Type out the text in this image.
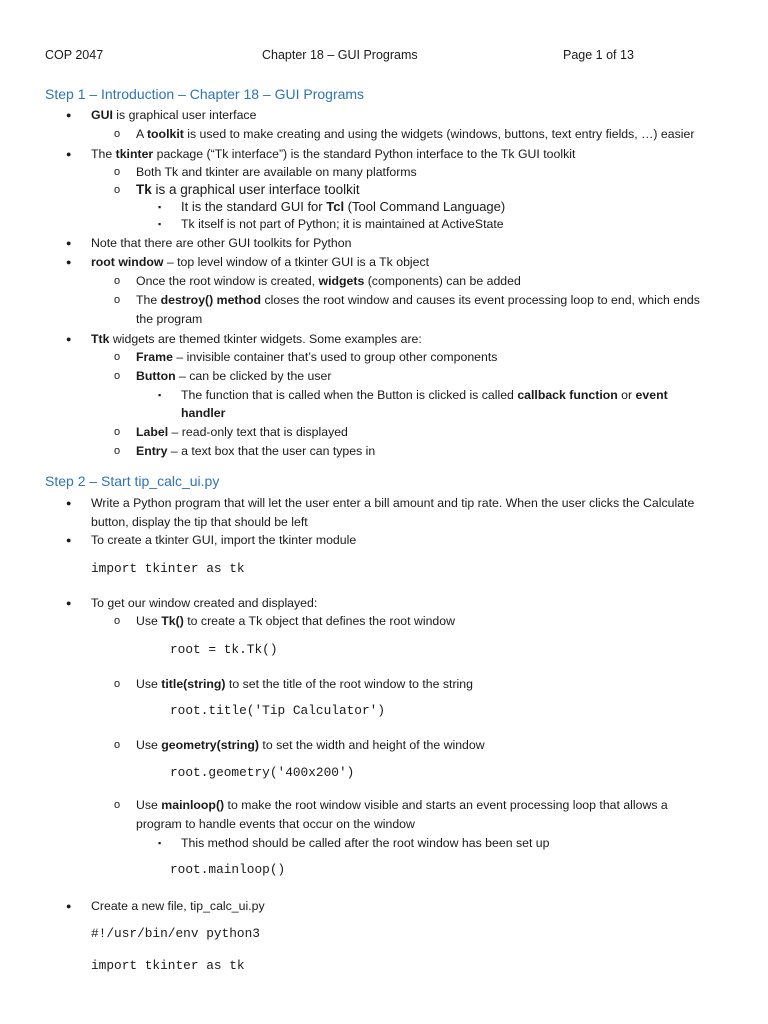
COP 2047	Chapter 18 – GUI Programs	Page 1 of 13
Step 1 – Introduction – Chapter 18 – GUI Programs
● GUI is graphical user interface
o A toolkit is used to make creating and using the widgets (windows, buttons, text entry fields, …) easier
● The tkinter package (“Tk interface”) is the standard Python interface to the Tk GUI toolkit
o Both Tk and tkinter are available on many platforms
o Tk is a graphical user interface toolkit
▪ It is the standard GUI for Tcl (Tool Command Language)
▪ Tk itself is not part of Python; it is maintained at ActiveState
● Note that there are other GUI toolkits for Python
● root window – top level window of a tkinter GUI is a Tk object
o Once the root window is created, widgets (components) can be added
o The destroy() method closes the root window and causes its event processing loop to end, which ends
the program
● Ttk widgets are themed tkinter widgets. Some examples are:
o Frame – invisible container that’s used to group other components
o Button – can be clicked by the user
▪ The function that is called when the Button is clicked is called callback function or event
handler
o Label – read-only text that is displayed
o Entry – a text box that the user can types in
Step 2 – Start tip_calc_ui.py
● Write a Python program that will let the user enter a bill amount and tip rate. When the user clicks the Calculate
button, display the tip that should be left
● To create a tkinter GUI, import the tkinter module
import tkinter as tk
● To get our window created and displayed:
o Use Tk() to create a Tk object that defines the root window
root = tk.Tk()
o Use title(string) to set the title of the root window to the string
root.title('Tip Calculator')
o Use geometry(string) to set the width and height of the window
root.geometry('400x200')
o Use mainloop() to make the root window visible and starts an event processing loop that allows a
program to handle events that occur on the window
▪ This method should be called after the root window has been set up
root.mainloop()
● Create a new file, tip_calc_ui.py
#!/usr/bin/env python3
import tkinter as tk
